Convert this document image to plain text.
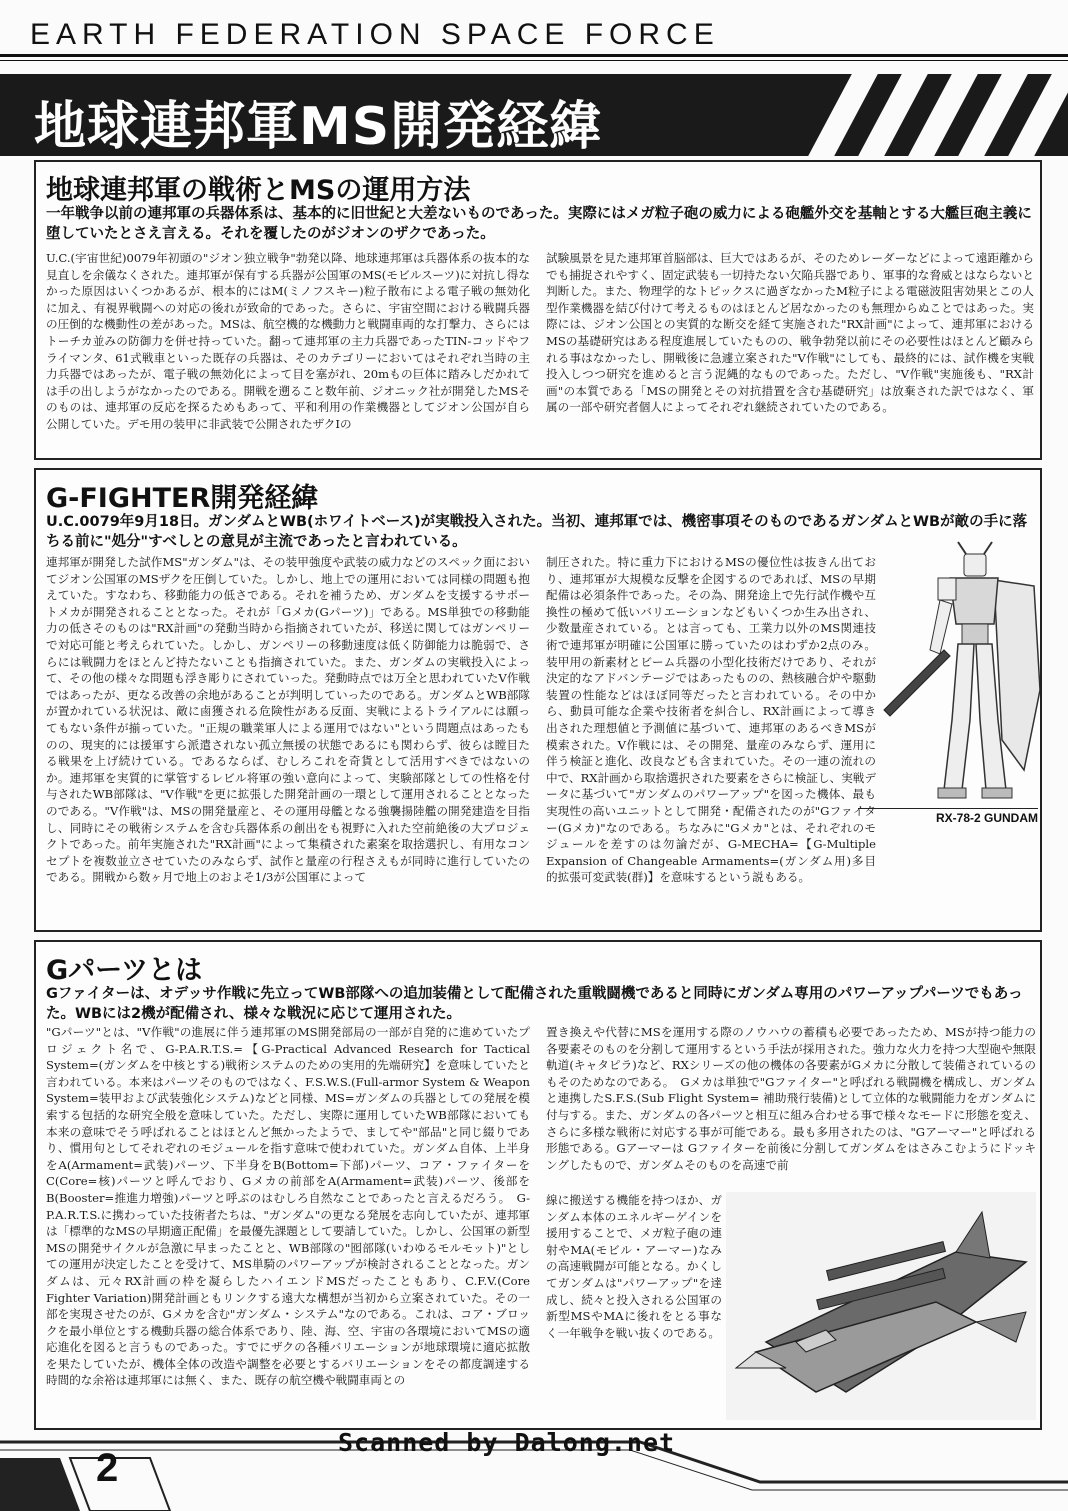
EARTH FEDERATION SPACE FORCE
地球連邦軍MS開発経緯
地球連邦軍の戦術とMSの運用方法
一年戦争以前の連邦軍の兵器体系は、基本的に旧世紀と大差ないものであった。実際にはメガ粒子砲の威力による砲艦外交を基軸とする大艦巨砲主義に堕していたとさえ言える。それを覆したのがジオンのザクであった。
U.C.(宇宙世紀)0079年初頭の"ジオン独立戦争"勃発以降、地球連邦軍は兵器体系の抜本的な見直しを余儀なくされた。連邦軍が保有する兵器が公国軍のMS(モビルスーツ)に対抗し得なかった原因はいくつかあるが、根本的にはM(ミノフスキー)粒子散布による電子戦の無効化に加え、有視界戦闘への対応の後れが致命的であった。さらに、宇宙空間における戦闘兵器の圧倒的な機動性の差があった。MSは、航空機的な機動力と戦闘車両的な打撃力、さらにはトーチカ並みの防御力を併せ持っていた。翻って連邦軍の主力兵器であったTIN-コッドやフライマンタ、61式戦車といった既存の兵器は、そのカテゴリーにおいてはそれぞれ当時の主力兵器ではあったが、電子戦の無効化によって目を塞がれ、20mもの巨体に踏みしだかれては手の出しようがなかったのである。開戦を遡ること数年前、ジオニック社が開発したMSそのものは、連邦軍の反応を探るためもあって、平和利用の作業機器としてジオン公国が自ら公開していた。デモ用の装甲に非武装で公開されたザクIの
試験風景を見た連邦軍首脳部は、巨大ではあるが、そのためレーダーなどによって遠距離からでも捕捉されやすく、固定武装も一切持たない欠陥兵器であり、軍事的な脅威とはならないと判断した。また、物理学的なトピックスに過ぎなかったM粒子による電磁波阻害効果とこの人型作業機器を結び付けて考えるものはほとんど居なかったのも無理からぬことではあった。実際には、ジオン公国との実質的な断交を経て実施された"RX計画"によって、連邦軍におけるMSの基礎研究はある程度進展していたものの、戦争勃発以前にその必要性はほとんど顧みられる事はなかったし、開戦後に急遽立案された"V作戦"にしても、最終的には、試作機を実戦投入しつつ研究を進めると言う泥縄的なものであった。ただし、"V作戦"実施後も、"RX計画"の本質である「MSの開発とその対抗措置を含む基礎研究」は放棄された訳ではなく、軍属の一部や研究者個人によってそれぞれ継続されていたのである。
G-FIGHTER開発経緯
U.C.0079年9月18日。ガンダムとWB(ホワイトベース)が実戦投入された。当初、連邦軍では、機密事項そのものであるガンダムとWBが敵の手に落ちる前に"処分"すべしとの意見が主流であったと言われている。
連邦軍が開発した試作MS"ガンダム"は、その装甲強度や武装の威力などのスペック面においてジオン公国軍のMSザクを圧倒していた。しかし、地上での運用においては同様の問題も抱えていた。すなわち、移動能力の低さである。それを補うため、ガンダムを支援するサポートメカが開発されることとなった。それが「Gメカ(Gパーツ)」である。MS単独での移動能力の低さそのものは"RX計画"の発動当時から指摘されていたが、移送に関してはガンペリーで対応可能と考えられていた。しかし、ガンペリーの移動速度は低く防御能力は脆弱で、さらには戦闘力をほとんど持たないことも指摘されていた。また、ガンダムの実戦投入によって、その他の様々な問題も浮き彫りにされていった。発動時点では万全と思われていたV作戦ではあったが、更なる改善の余地があることが判明していったのである。ガンダムとWB部隊が置かれている状況は、敵に鹵獲される危険性がある反面、実戦によるトライアルには願ってもない条件が揃っていた。"正規の職業軍人による運用ではない"という問題点はあったものの、現実的には援軍すら派遣されない孤立無援の状態であるにも関わらず、彼らは瞠目たる戦果を上げ続けている。であるならば、むしろこれを奇貨として活用すべきではないのか。連邦軍を実質的に掌管するレビル将軍の強い意向によって、実験部隊としての性格を付与されたWB部隊は、"V作戦"を更に拡張した開発計画の一環として運用されることとなったのである。"V作戦"は、MSの開発量産と、その運用母艦となる強襲揚陸艦の開発建造を目指し、同時にその戦術システムを含む兵器体系の創出をも視野に入れた空前絶後の大プロジェクトであった。前年実施された"RX計画"によって集積された素案を取捨選択し、有用なコンセプトを複数並立させていたのみならず、試作と量産の行程さえもが同時に進行していたのである。開戦から数ヶ月で地上のおよそ1/3が公国軍によって
制圧された。特に重力下におけるMSの優位性は抜きん出ており、連邦軍が大規模な反撃を企図するのであれば、MSの早期配備は必須条件であった。その為、開発途上で先行試作機や互換性の極めて低いバリエーションなどもいくつか生み出され、少数量産されている。とは言っても、工業力以外のMS関連技術で連邦軍が明確に公国軍に勝っていたのはわずか2点のみ。装甲用の新素材とビーム兵器の小型化技術だけであり、それが決定的なアドバンテージではあったものの、熱核融合炉や駆動装置の性能などはほぼ同等だったと言われている。その中から、動員可能な企業や技術者を糾合し、RX計画によって導き出された理想値と予測値に基づいて、連邦軍のあるべきMSが模索された。V作戦には、その開発、量産のみならず、運用に伴う検証と進化、改良なども含まれていた。その一連の流れの中で、RX計画から取捨選択された要素をさらに検証し、実戦データに基づいて"ガンダムのパワーアップ"を図った機体、最も実現性の高いユニットとして開発・配備されたのが"Gファイター(Gメカ)"なのである。ちなみに"Gメカ"とは、それぞれのモジュールを差すのは勿論だが、G-MECHA=【G-Multiple Expansion of Changeable Armaments=(ガンダム用)多目的拡張可変武装(群)】を意味するという説もある。
RX-78-2 GUNDAM
Gパーツとは
Gファイターは、オデッサ作戦に先立ってWB部隊への追加装備として配備された重戦闘機であると同時にガンダム専用のパワーアップパーツでもあった。WBには2機が配備され、様々な戦況に応じて運用された。
"Gパーツ"とは、"V作戦"の進展に伴う連邦軍のMS開発部局の一部が自発的に進めていたプロジェクト名で、G-P.A.R.T.S.=【G-Practical Advanced Research for Tactical System=(ガンダムを中核とする)戦術システムのための実用的先端研究】を意味していたと言われている。本来はパーツそのものではなく、F.S.W.S.(Full-armor System & Weapon System=装甲および武装強化システム)などと同様、MS=ガンダムの兵器としての発展を模索する包括的な研究全般を意味していた。ただし、実際に運用していたWB部隊においても本来の意味でそう呼ばれることはほとんど無かったようで、ましてや"部品"と同じ綴りであり、慣用句としてそれぞれのモジュールを指す意味で使われていた。ガンダム自体、上半身をA(Armament=武装)パーツ、下半身をB(Bottom=下部)パーツ、コア・ファイターをC(Core=核)パーツと呼んでおり、Gメカの前部をA(Armament=武装)パーツ、後部をB(Booster=推進力増強)パーツと呼ぶのはむしろ自然なことであったと言えるだろう。　G-P.A.R.T.S.に携わっていた技術者たちは、"ガンダム"の更なる発展を志向していたが、連邦軍は「標準的なMSの早期適正配備」を最優先課題として要請していた。しかし、公国軍の新型MSの開発サイクルが急激に早まったことと、WB部隊の"囮部隊(いわゆるモルモット)"としての運用が決定したことを受けて、MS単騎のパワーアップが検討されることとなった。ガンダムは、元々RX計画の枠を凝らしたハイエンドMSだったこともあり、C.F.V.(Core Fighter Variation)開発計画ともリンクする遠大な構想が当初から立案されていた。その一部を実現させたのが、Gメカを含む"ガンダム・システム"なのである。これは、コア・ブロックを最小単位とする機動兵器の総合体系であり、陸、海、空、宇宙の各環境においてMSの適応進化を図ると言うものであった。すでにザクの各種バリエーションが地球環境に適応拡散を果たしていたが、機体全体の改造や調整を必要とするバリエーションをその都度調達する時間的な余裕は連邦軍には無く、また、既存の航空機や戦闘車両との
置き換えや代替にMSを運用する際のノウハウの蓄積も必要であったため、MSが持つ能力の各要素そのものを分割して運用するという手法が採用された。強力な火力を持つ大型砲や無限軌道(キャタピラ)など、RXシリーズの他の機体の各要素がGメカに分散して装備されているのもそのためなのである。　Gメカは単独で"Gファイター"と呼ばれる戦闘機を構成し、ガンダムと連携したS.F.S.(Sub Flight System= 補助飛行装備)として立体的な戦闘能力をガンダムに付与する。また、ガンダムの各パーツと相互に組み合わせる事で様々なモードに形態を変え、さらに多様な戦術に対応する事が可能である。最も多用されたのは、"Gアーマー"と呼ばれる形態である。Gアーマーは Gファイターを前後に分割してガンダムをはさみこむようにドッキングしたもので、ガンダムそのものを高速で前
線に搬送する機能を持つほか、ガンダム本体のエネルギーゲインを援用することで、メガ粒子砲の連射やMA(モビル・アーマー)なみの高速戦闘が可能となる。かくしてガンダムは"パワーアップ"を達成し、続々と投入される公国軍の新型MSやMAに後れをとる事なく一年戦争を戦い抜くのである。
Scanned by Dalong.net
2
